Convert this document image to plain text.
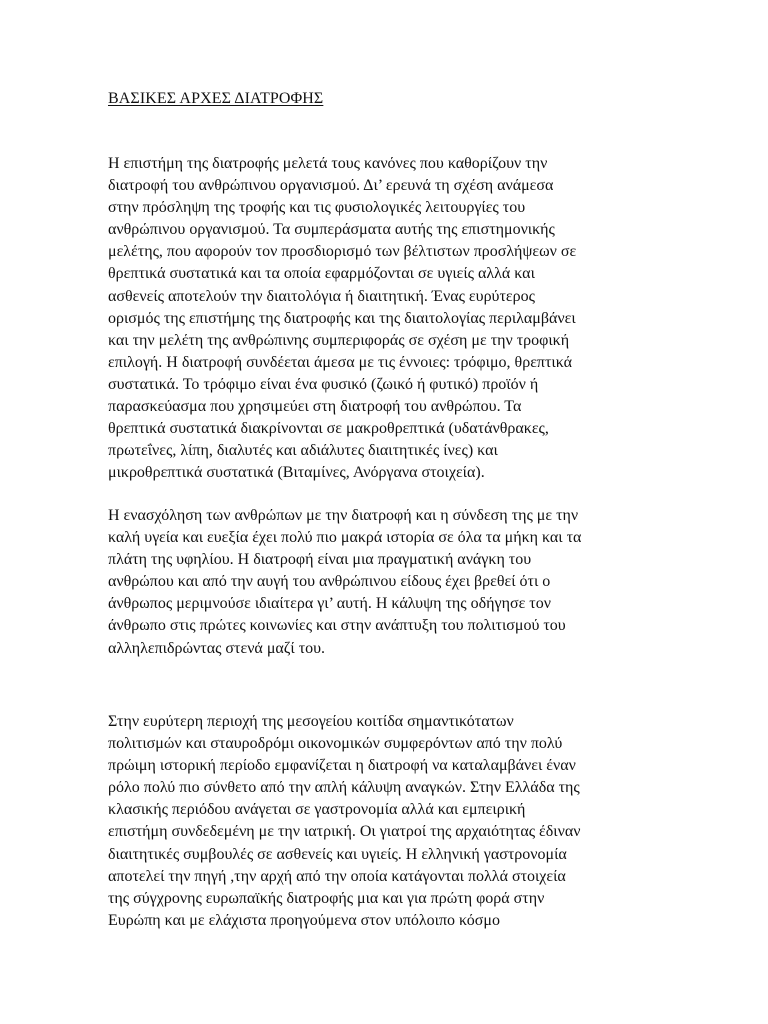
ΒΑΣΙΚΕΣ ΑΡΧΕΣ ΔΙΑΤΡΟΦΗΣ

Η επιστήμη της διατροφής μελετά τους κανόνες που καθορίζουν την
διατροφή του ανθρώπινου οργανισμού. Δι’ ερευνά τη σχέση ανάμεσα
στην πρόσληψη της τροφής και τις φυσιολογικές λειτουργίες του
ανθρώπινου οργανισμού. Τα συμπεράσματα αυτής της επιστημονικής
μελέτης, που αφορούν τον προσδιορισμό των βέλτιστων προσλήψεων σε
θρεπτικά συστατικά και τα οποία εφαρμόζονται σε υγιείς αλλά και
ασθενείς αποτελούν την διαιτολόγια ή διαιτητική. Ένας ευρύτερος
ορισμός της επιστήμης της διατροφής και της διαιτολογίας περιλαμβάνει
και την μελέτη της ανθρώπινης συμπεριφοράς σε σχέση με την τροφική
επιλογή. Η διατροφή συνδέεται άμεσα με τις έννοιες: τρόφιμο, θρεπτικά
συστατικά. Το τρόφιμο είναι ένα φυσικό (ζωικό ή φυτικό) προϊόν ή
παρασκεύασμα που χρησιμεύει στη διατροφή του ανθρώπου. Τα
θρεπτικά συστατικά διακρίνονται σε μακροθρεπτικά (υδατάνθρακες,
πρωτεΐνες, λίπη, διαλυτές και αδιάλυτες διαιτητικές ίνες) και
μικροθρεπτικά συστατικά (Βιταμίνες, Ανόργανα στοιχεία).

Η ενασχόληση των ανθρώπων με την διατροφή και η σύνδεση της με την
καλή υγεία και ευεξία έχει πολύ πιο μακρά ιστορία σε όλα τα μήκη και τα
πλάτη της υφηλίου. Η διατροφή είναι μια πραγματική ανάγκη του
ανθρώπου και από την αυγή του ανθρώπινου είδους έχει βρεθεί ότι ο
άνθρωπος μεριμνούσε ιδιαίτερα γι’ αυτή. Η κάλυψη της οδήγησε τον
άνθρωπο στις πρώτες κοινωνίες και στην ανάπτυξη του πολιτισμού του
αλληλεπιδρώντας στενά μαζί του.

Στην ευρύτερη περιοχή της μεσογείου κοιτίδα σημαντικότατων
πολιτισμών και σταυροδρόμι οικονομικών συμφερόντων από την πολύ
πρώιμη ιστορική περίοδο εμφανίζεται η διατροφή να καταλαμβάνει έναν
ρόλο πολύ πιο σύνθετο από την απλή κάλυψη αναγκών. Στην Ελλάδα της
κλασικής περιόδου ανάγεται σε γαστρονομία αλλά και εμπειρική
επιστήμη συνδεδεμένη με την ιατρική. Οι γιατροί της αρχαιότητας έδιναν
διαιτητικές συμβουλές σε ασθενείς και υγιείς. Η ελληνική γαστρονομία
αποτελεί την πηγή ,την αρχή από την οποία κατάγονται πολλά στοιχεία
της σύγχρονης ευρωπαϊκής διατροφής μια και για πρώτη φορά στην
Ευρώπη και με ελάχιστα προηγούμενα στον υπόλοιπο κόσμο
